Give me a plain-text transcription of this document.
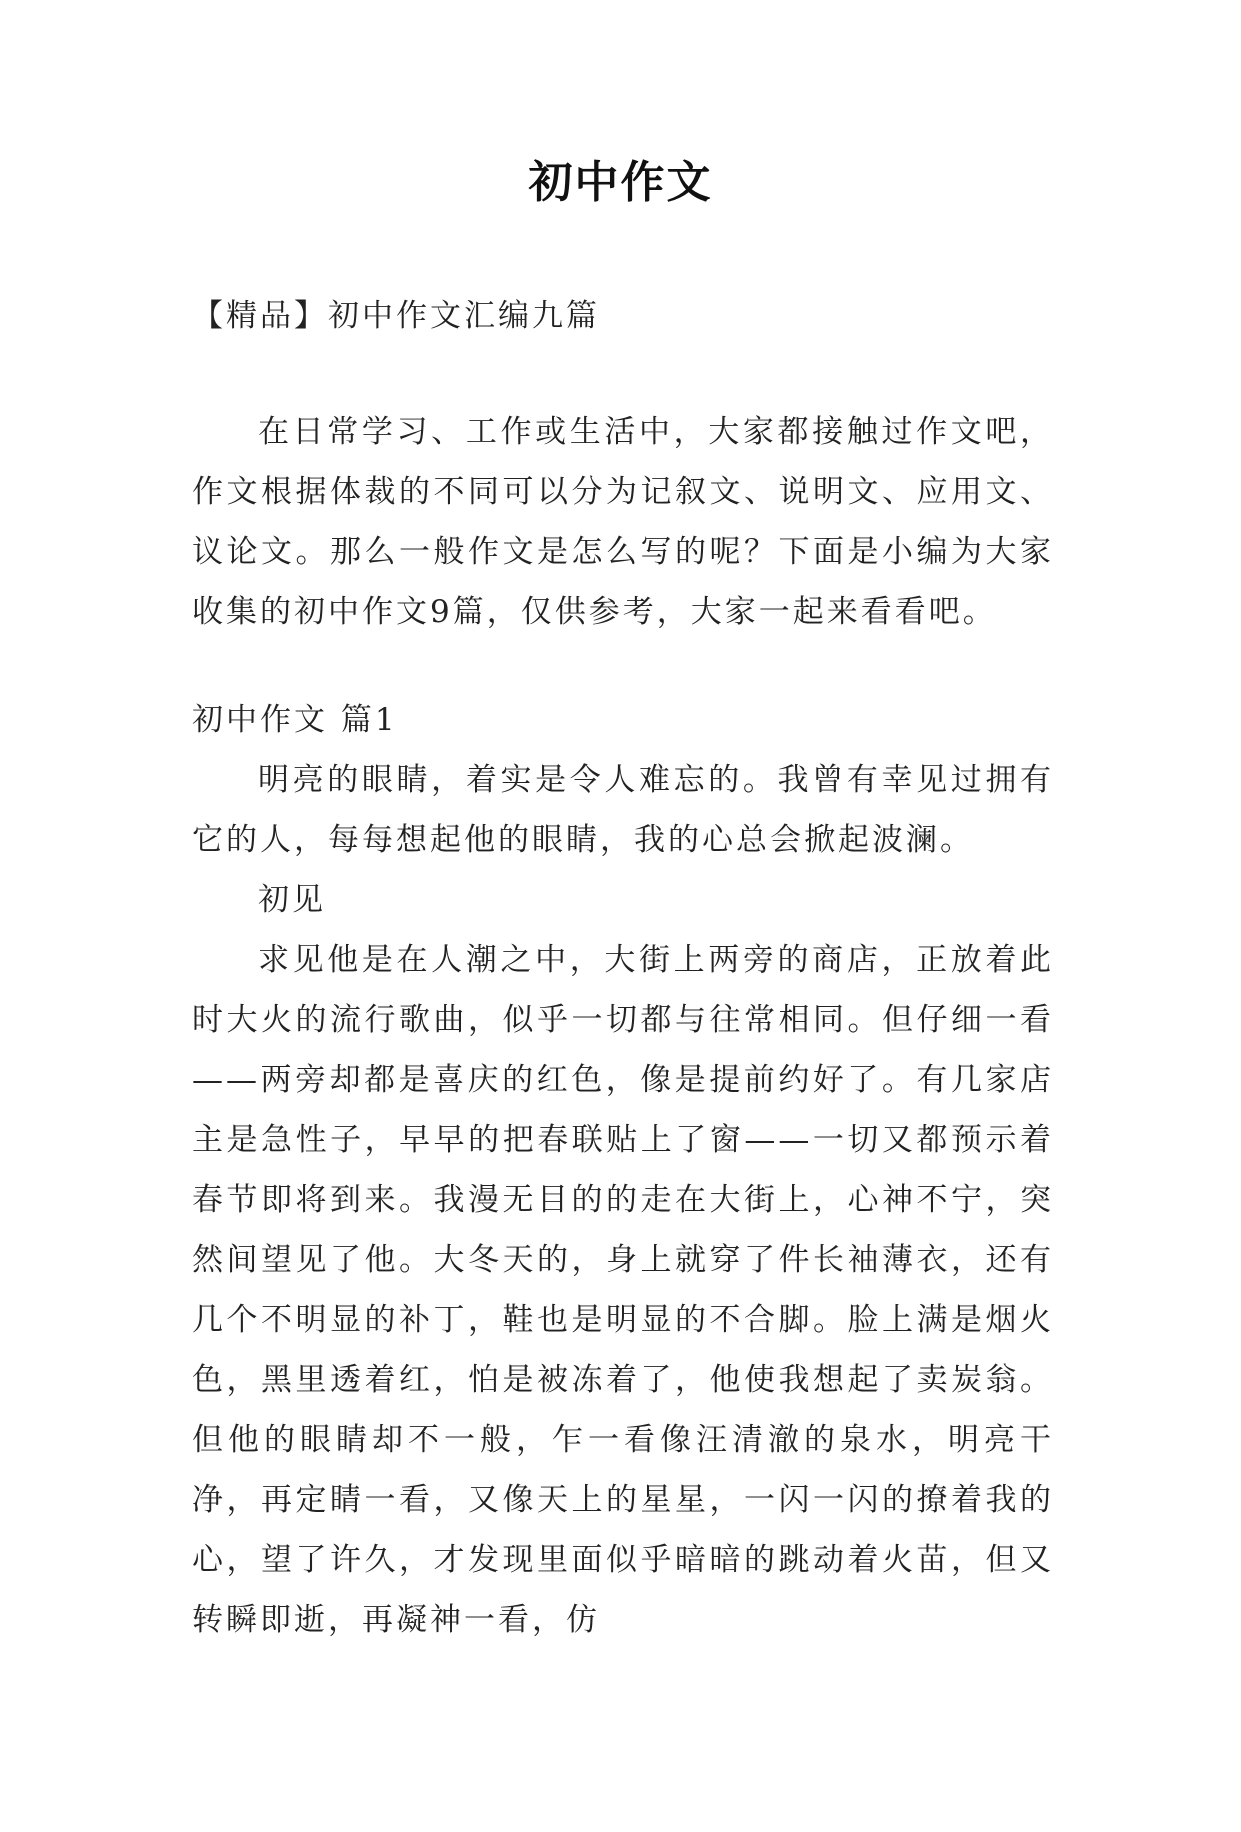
初中作文
【精品】初中作文汇编九篇
在日常学习、工作或生活中，大家都接触过作文吧，作文根据体裁的不同可以分为记叙文、说明文、应用文、议论文。那么一般作文是怎么写的呢？下面是小编为大家收集的初中作文9篇，仅供参考，大家一起来看看吧。

初中作文 篇1

明亮的眼睛，着实是令人难忘的。我曾有幸见过拥有它的人，每每想起他的眼睛，我的心总会掀起波澜。

初见

求见他是在人潮之中，大街上两旁的商店，正放着此时大火的流行歌曲，似乎一切都与往常相同。但仔细一看——两旁却都是喜庆的红色，像是提前约好了。有几家店主是急性子，早早的把春联贴上了窗——一切又都预示着春节即将到来。我漫无目的的走在大街上，心神不宁，突然间望见了他。大冬天的，身上就穿了件长袖薄衣，还有几个不明显的补丁，鞋也是明显的不合脚。脸上满是烟火色，黑里透着红，怕是被冻着了，他使我想起了卖炭翁。 但他的眼睛却不一般，乍一看像汪清澈的泉水，明亮干净，再定睛一看，又像天上的星星，一闪一闪的撩着我的心，望了许久，才发现里面似乎暗暗的跳动着火苗，但又转瞬即逝，再凝神一看，仿
